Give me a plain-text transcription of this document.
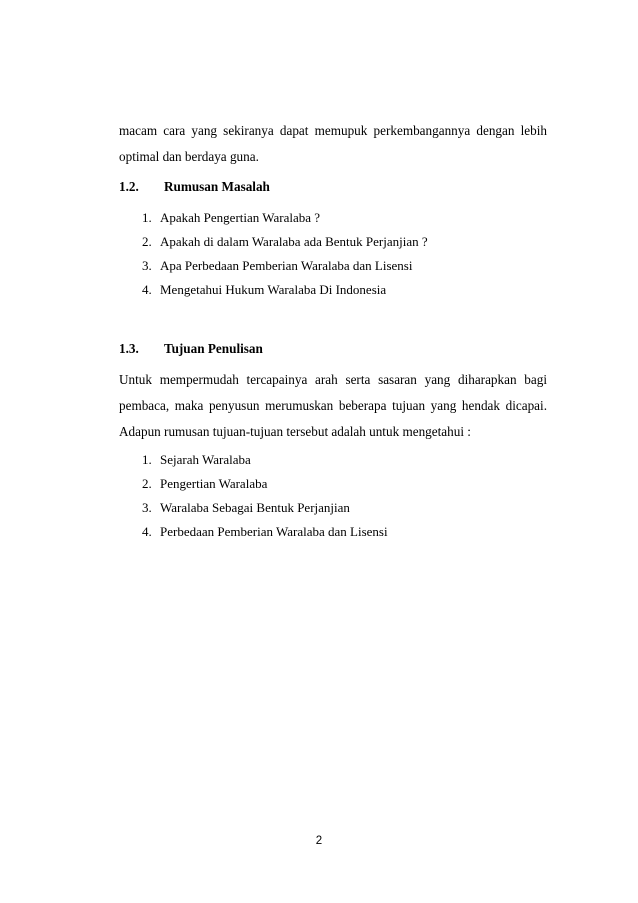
macam cara yang sekiranya dapat memupuk perkembangannya dengan lebih
optimal dan berdaya guna.
1.2. Rumusan Masalah
1. Apakah Pengertian Waralaba ?
2. Apakah di dalam Waralaba ada Bentuk Perjanjian ?
3. Apa Perbedaan Pemberian Waralaba dan Lisensi
4. Mengetahui Hukum Waralaba Di Indonesia
1.3. Tujuan Penulisan
Untuk mempermudah tercapainya arah serta sasaran yang diharapkan bagi
pembaca, maka penyusun merumuskan beberapa tujuan yang hendak dicapai.
Adapun rumusan tujuan-tujuan tersebut adalah untuk mengetahui :
1. Sejarah Waralaba
2. Pengertian Waralaba
3. Waralaba Sebagai Bentuk Perjanjian
4. Perbedaan Pemberian Waralaba dan Lisensi
2
